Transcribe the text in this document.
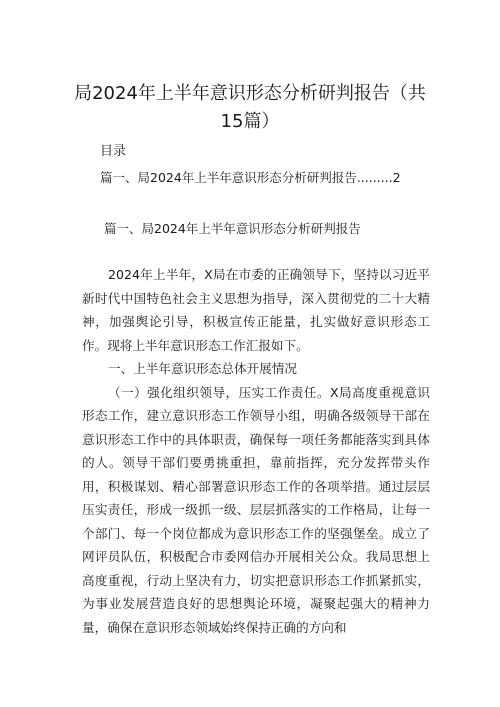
局2024年上半年意识形态分析研判报告（共15篇）
目录
篇一、局2024年上半年意识形态分析研判报告.........2
篇一、局2024年上半年意识形态分析研判报告

2024年上半年，X局在市委的正确领导下，坚持以习近平新时代中国特色社会主义思想为指导，深入贯彻党的二十大精神，加强舆论引导，积极宣传正能量，扎实做好意识形态工作。现将上半年意识形态工作汇报如下。

一、上半年意识形态总体开展情况

（一）强化组织领导，压实工作责任。X局高度重视意识形态工作，建立意识形态工作领导小组，明确各级领导干部在意识形态工作中的具体职责，确保每一项任务都能落实到具体的人。领导干部们要勇挑重担，靠前指挥，充分发挥带头作用，积极谋划、精心部署意识形态工作的各项举措。通过层层压实责任，形成一级抓一级、层层抓落实的工作格局，让每一个部门、每一个岗位都成为意识形态工作的坚强堡垒。成立了网评员队伍，积极配合市委网信办开展相关公众。我局思想上高度重视，行动上坚决有力，切实把意识形态工作抓紧抓实，为事业发展营造良好的思想舆论环境，凝聚起强大的精神力量，确保在意识形态领域始终保持正确的方向和
